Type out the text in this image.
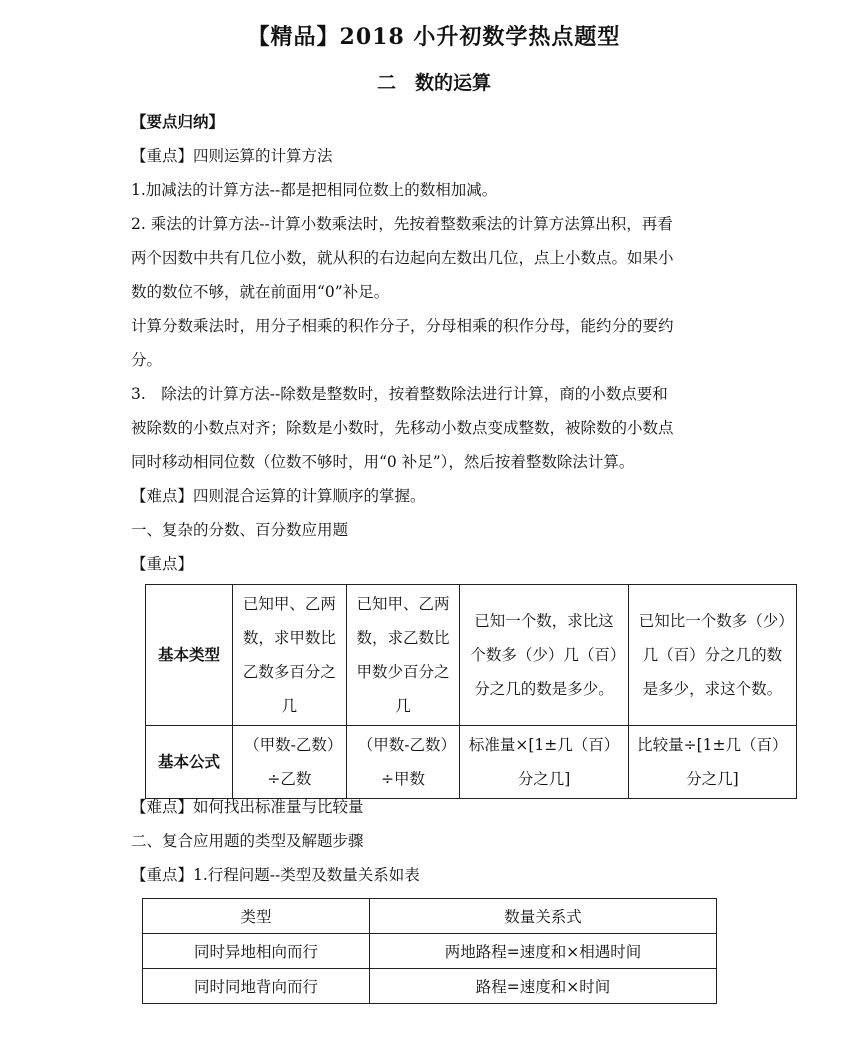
【精品】2018 小升初数学热点题型
二　数的运算
【要点归纳】
【重点】四则运算的计算方法
1.加减法的计算方法--都是把相同位数上的数相加减。
2. 乘法的计算方法--计算小数乘法时，先按着整数乘法的计算方法算出积，再看
两个因数中共有几位小数，就从积的右边起向左数出几位，点上小数点。如果小
数的数位不够，就在前面用“0”补足。
计算分数乘法时，用分子相乘的积作分子，分母相乘的积作分母，能约分的要约
分。
3.　除法的计算方法--除数是整数时，按着整数除法进行计算，商的小数点要和
被除数的小数点对齐；除数是小数时，先移动小数点变成整数，被除数的小数点
同时移动相同位数（位数不够时，用“0 补足”），然后按着整数除法计算。
【难点】四则混合运算的计算顺序的掌握。
一、复杂的分数、百分数应用题
【重点】
基本类型	已知甲、乙两数，求甲数比乙数多百分之几	已知甲、乙两数，求乙数比甲数少百分之几	已知一个数，求比这个数多（少）几（百）分之几的数是多少。	已知比一个数多（少）几（百）分之几的数是多少，求这个数。
基本公式	（甲数-乙数）÷乙数	（甲数-乙数）÷甲数	标准量×[1±几（百）分之几]	比较量÷[1±几（百）分之几]
【难点】如何找出标准量与比较量
二、复合应用题的类型及解题步骤
【重点】1.行程问题--类型及数量关系如表
类型	数量关系式
同时异地相向而行	两地路程=速度和×相遇时间
同时同地背向而行	路程=速度和×时间
